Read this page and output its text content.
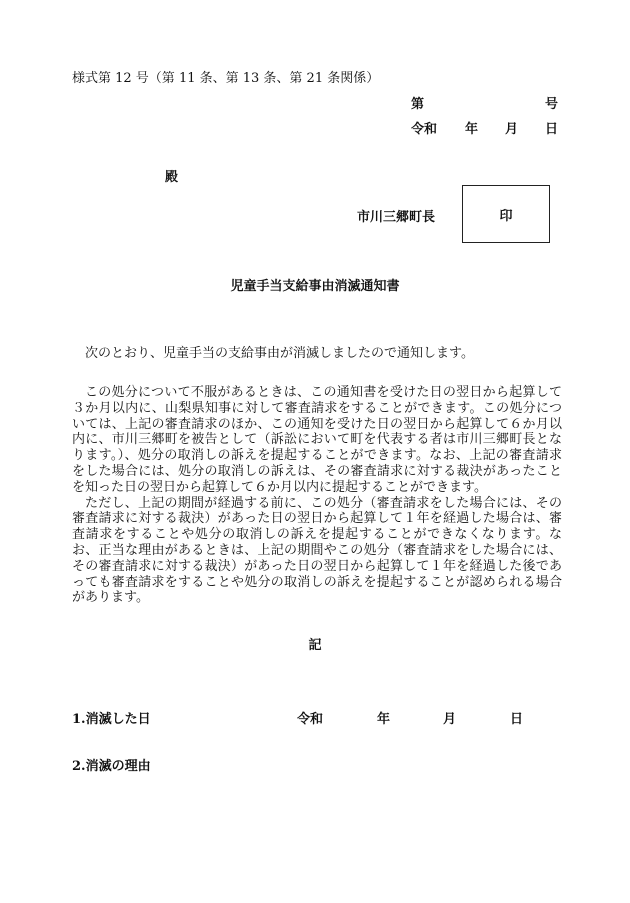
様式第 12 号（第 11 条、第 13 条、第 21 条関係）
第	号
令和 年 月 日
殿
市川三郷町長	印
児童手当支給事由消滅通知書
次のとおり、児童手当の支給事由が消滅しましたので通知します。

この処分について不服があるときは、この通知書を受けた日の翌日から起算して３か月以内に、山梨県知事に対して審査請求をすることができます。この処分については、上記の審査請求のほか、この通知を受けた日の翌日から起算して６か月以内に、市川三郷町を被告として（訴訟において町を代表する者は市川三郷町長となります。）、処分の取消しの訴えを提起することができます。なお、上記の審査請求をした場合には、処分の取消しの訴えは、その審査請求に対する裁決があったことを知った日の翌日から起算して６か月以内に提起することができます。

ただし、上記の期間が経過する前に、この処分（審査請求をした場合には、その審査請求に対する裁決）があった日の翌日から起算して１年を経過した場合は、審査請求をすることや処分の取消しの訴えを提起することができなくなります。なお、正当な理由があるときは、上記の期間やこの処分（審査請求をした場合には、その審査請求に対する裁決）があった日の翌日から起算して１年を経過した後であっても審査請求をすることや処分の取消しの訴えを提起することが認められる場合があります。

記
1.消滅した日	令和	年	月	日
2.消滅の理由
